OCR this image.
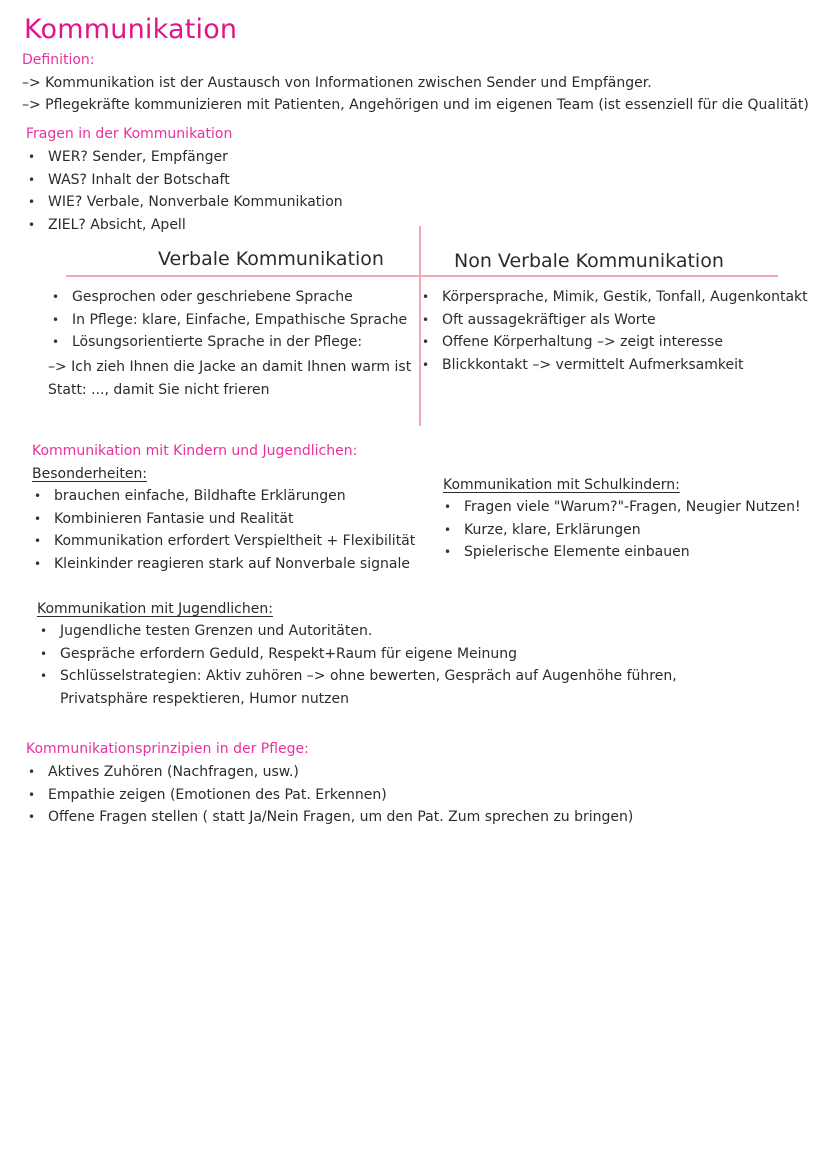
Kommunikation
Definition:
–> Kommunikation ist der Austausch von Informationen zwischen Sender und Empfänger.
–> Pflegekräfte kommunizieren mit Patienten, Angehörigen und im eigenen Team (ist essenziell für die Qualität)
Fragen in der Kommunikation
• WER? Sender, Empfänger
• WAS? Inhalt der Botschaft
• WIE? Verbale, Nonverbale Kommunikation
• ZIEL? Absicht, Apell
Verbale Kommunikation	Non Verbale Kommunikation
• Gesprochen oder geschriebene Sprache
• In Pflege: klare, Einfache, Empathische Sprache
• Lösungsorientierte Sprache in der Pflege:
–> Ich zieh Ihnen die Jacke an damit Ihnen warm ist
Statt: ..., damit Sie nicht frieren
• Körpersprache, Mimik, Gestik, Tonfall, Augenkontakt
• Oft aussagekräftiger als Worte
• Offene Körperhaltung –> zeigt interesse
• Blickkontakt –> vermittelt Aufmerksamkeit
Kommunikation mit Kindern und Jugendlichen:
Besonderheiten:
• brauchen einfache, Bildhafte Erklärungen
• Kombinieren Fantasie und Realität
• Kommunikation erfordert Verspieltheit + Flexibilität
• Kleinkinder reagieren stark auf Nonverbale signale
Kommunikation mit Schulkindern:
• Fragen viele "Warum?"-Fragen, Neugier Nutzen!
• Kurze, klare, Erklärungen
• Spielerische Elemente einbauen
Kommunikation mit Jugendlichen:
• Jugendliche testen Grenzen und Autoritäten.
• Gespräche erfordern Geduld, Respekt+Raum für eigene Meinung
• Schlüsselstrategien: Aktiv zuhören –> ohne bewerten, Gespräch auf Augenhöhe führen,
Privatsphäre respektieren, Humor nutzen
Kommunikationsprinzipien in der Pflege:
• Aktives Zuhören (Nachfragen, usw.)
• Empathie zeigen (Emotionen des Pat. Erkennen)
• Offene Fragen stellen ( statt Ja/Nein Fragen, um den Pat. Zum sprechen zu bringen)
